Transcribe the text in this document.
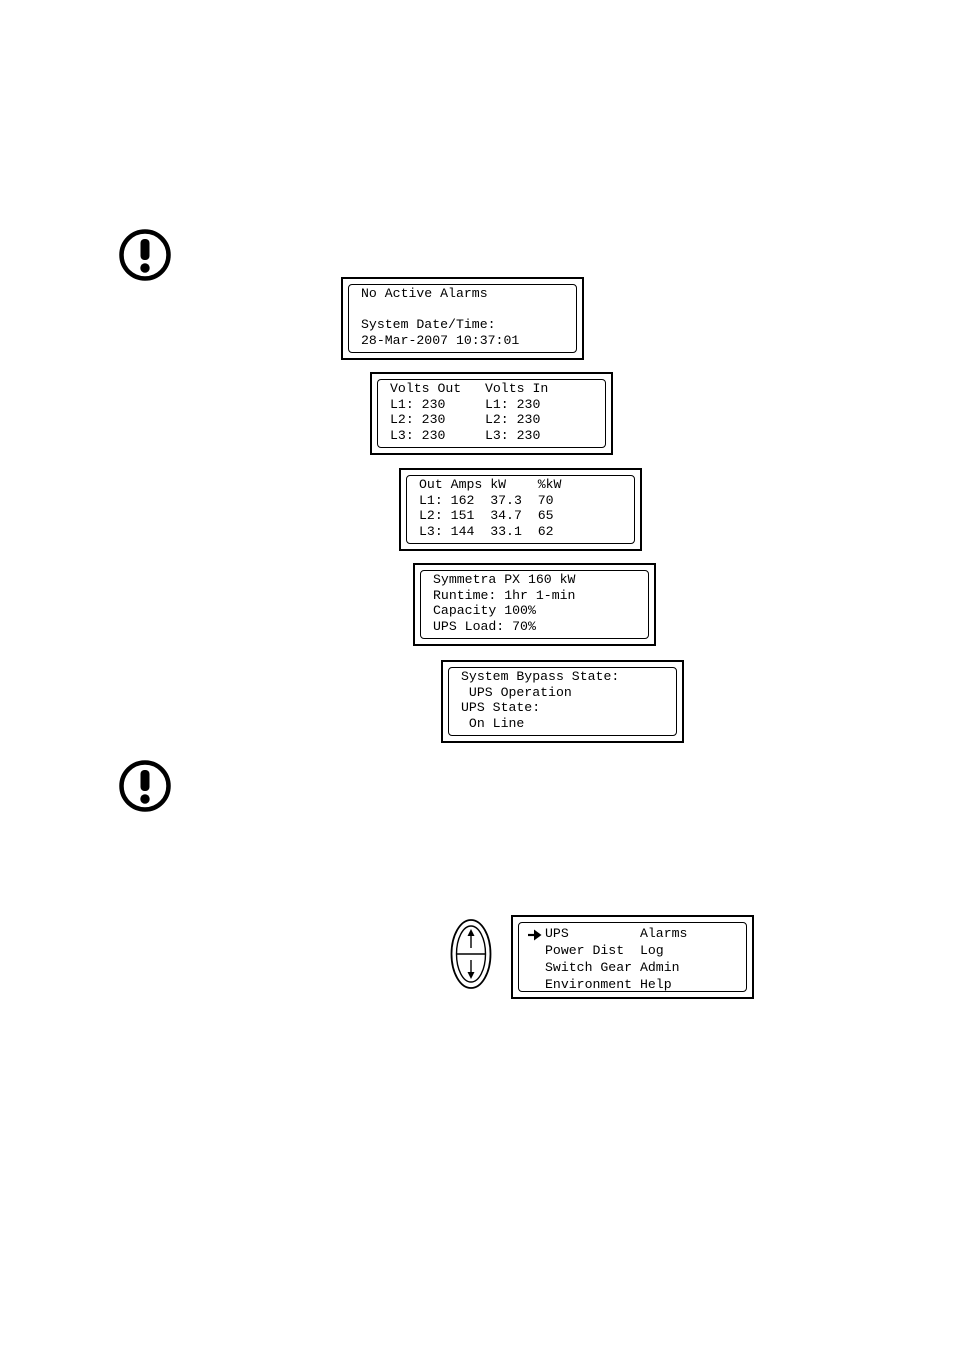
No Active Alarms

System Date/Time:
28-Mar-2007 10:37:01
Volts Out   Volts In
L1: 230     L1: 230
L2: 230     L2: 230
L3: 230     L3: 230
Out Amps kW    %kW
L1: 162  37.3  70
L2: 151  34.7  65
L3: 144  33.1  62
Symmetra PX 160 kW
Runtime: 1hr 1-min
Capacity 100%
UPS Load: 70%
System Bypass State:
UPS Operation
UPS State:
On Line
UPS         Alarms
Power Dist  Log
Switch Gear Admin
Environment Help
